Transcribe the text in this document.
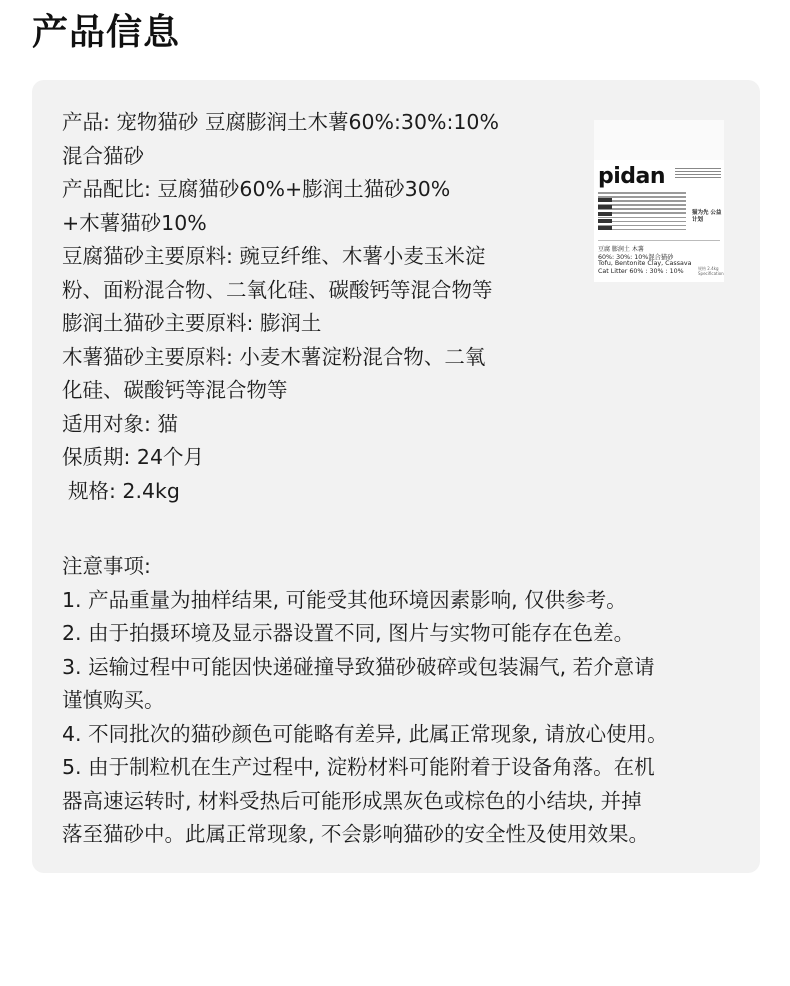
产品信息
产品: 宠物猫砂 豆腐膨润土木薯60%:30%:10%
混合猫砂
产品配比: 豆腐猫砂60%+膨润土猫砂30%
+木薯猫砂10%
豆腐猫砂主要原料: 豌豆纤维、木薯小麦玉米淀
粉、面粉混合物、二氧化硅、碳酸钙等混合物等
膨润土猫砂主要原料: 膨润土
木薯猫砂主要原料: 小麦木薯淀粉混合物、二氧
化硅、碳酸钙等混合物等
适用对象: 猫
保质期: 24个月
规格: 2.4kg
pidan
猫为先 公益计划
豆腐 膨润土 木薯
60%: 30%: 10%混合猫砂
Tofu, Bentonite Clay, Cassava
Cat Litter 60% : 30% : 10%	规格 2.4kg Specification
注意事项:
1. 产品重量为抽样结果, 可能受其他环境因素影响, 仅供参考。
2. 由于拍摄环境及显示器设置不同, 图片与实物可能存在色差。
3. 运输过程中可能因快递碰撞导致猫砂破碎或包装漏气, 若介意请
谨慎购买。
4. 不同批次的猫砂颜色可能略有差异, 此属正常现象, 请放心使用。
5. 由于制粒机在生产过程中, 淀粉材料可能附着于设备角落。在机
器高速运转时, 材料受热后可能形成黑灰色或棕色的小结块, 并掉
落至猫砂中。此属正常现象, 不会影响猫砂的安全性及使用效果。
